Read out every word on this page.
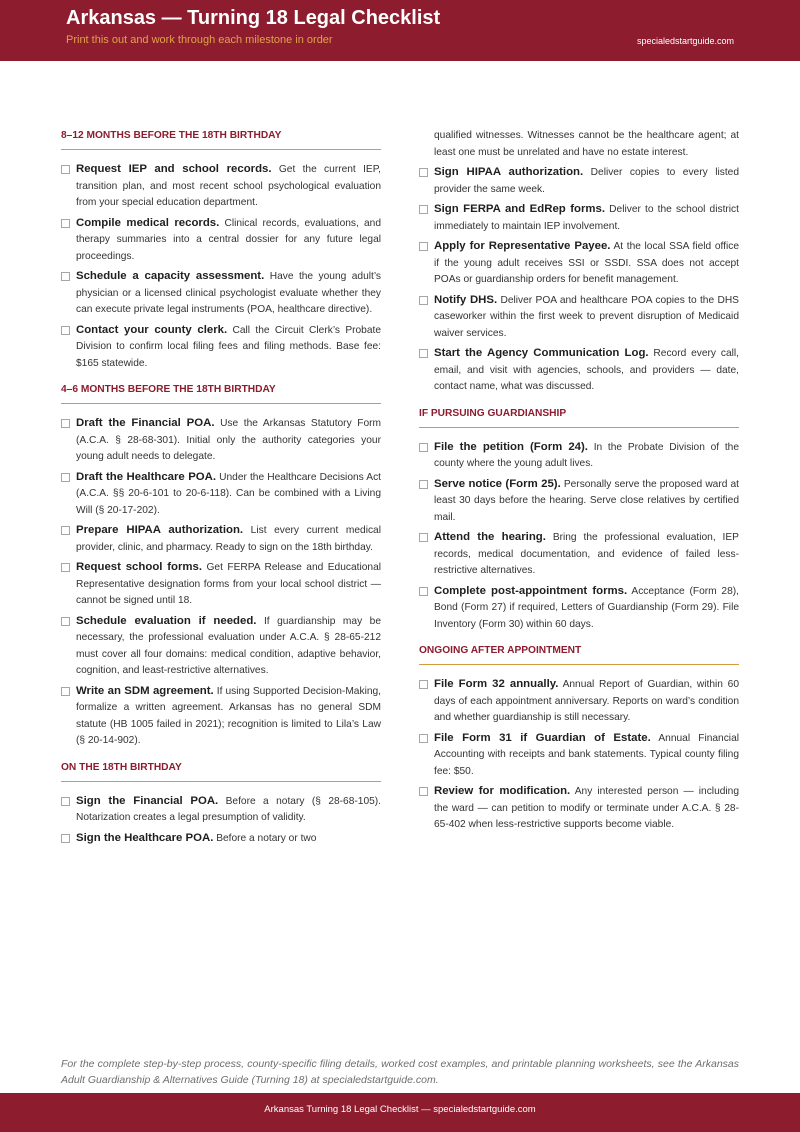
Arkansas — Turning 18 Legal Checklist
Print this out and work through each milestone in order	specialedstartguide.com
8–12 MONTHS BEFORE THE 18TH BIRTHDAY
Request IEP and school records. Get the current IEP, transition plan, and most recent school psychological evaluation from your special education department.
Compile medical records. Clinical records, evaluations, and therapy summaries into a central dossier for any future legal proceedings.
Schedule a capacity assessment. Have the young adult’s physician or a licensed clinical psychologist evaluate whether they can execute private legal instruments (POA, healthcare directive).
Contact your county clerk. Call the Circuit Clerk’s Probate Division to confirm local filing fees and filing methods. Base fee: $165 statewide.
4–6 MONTHS BEFORE THE 18TH BIRTHDAY
Draft the Financial POA. Use the Arkansas Statutory Form (A.C.A. § 28-68-301). Initial only the authority categories your young adult needs to delegate.
Draft the Healthcare POA. Under the Healthcare Decisions Act (A.C.A. §§ 20-6-101 to 20-6-118). Can be combined with a Living Will (§ 20-17-202).
Prepare HIPAA authorization. List every current medical provider, clinic, and pharmacy. Ready to sign on the 18th birthday.
Request school forms. Get FERPA Release and Educational Representative designation forms from your local school district — cannot be signed until 18.
Schedule evaluation if needed. If guardianship may be necessary, the professional evaluation under A.C.A. § 28-65-212 must cover all four domains: medical condition, adaptive behavior, cognition, and least-restrictive alternatives.
Write an SDM agreement. If using Supported Decision-Making, formalize a written agreement. Arkansas has no general SDM statute (HB 1005 failed in 2021); recognition is limited to Lila’s Law (§ 20-14-902).
ON THE 18TH BIRTHDAY
Sign the Financial POA. Before a notary (§ 28-68-105). Notarization creates a legal presumption of validity.
Sign the Healthcare POA. Before a notary or two
qualified witnesses. Witnesses cannot be the healthcare agent; at least one must be unrelated and have no estate interest.
Sign HIPAA authorization. Deliver copies to every listed provider the same week.
Sign FERPA and EdRep forms. Deliver to the school district immediately to maintain IEP involvement.
Apply for Representative Payee. At the local SSA field office if the young adult receives SSI or SSDI. SSA does not accept POAs or guardianship orders for benefit management.
Notify DHS. Deliver POA and healthcare POA copies to the DHS caseworker within the first week to prevent disruption of Medicaid waiver services.
Start the Agency Communication Log. Record every call, email, and visit with agencies, schools, and providers — date, contact name, what was discussed.
IF PURSUING GUARDIANSHIP
File the petition (Form 24). In the Probate Division of the county where the young adult lives.
Serve notice (Form 25). Personally serve the proposed ward at least 30 days before the hearing. Serve close relatives by certified mail.
Attend the hearing. Bring the professional evaluation, IEP records, medical documentation, and evidence of failed less-restrictive alternatives.
Complete post-appointment forms. Acceptance (Form 28), Bond (Form 27) if required, Letters of Guardianship (Form 29). File Inventory (Form 30) within 60 days.
ONGOING AFTER APPOINTMENT
File Form 32 annually. Annual Report of Guardian, within 60 days of each appointment anniversary. Reports on ward’s condition and whether guardianship is still necessary.
File Form 31 if Guardian of Estate. Annual Financial Accounting with receipts and bank statements. Typical county filing fee: $50.
Review for modification. Any interested person — including the ward — can petition to modify or terminate under A.C.A. § 28-65-402 when less-restrictive supports become viable.
For the complete step-by-step process, county-specific filing details, worked cost examples, and printable planning worksheets, see the Arkansas Adult Guardianship & Alternatives Guide (Turning 18) at specialedstartguide.com.
Arkansas Turning 18 Legal Checklist — specialedstartguide.com
